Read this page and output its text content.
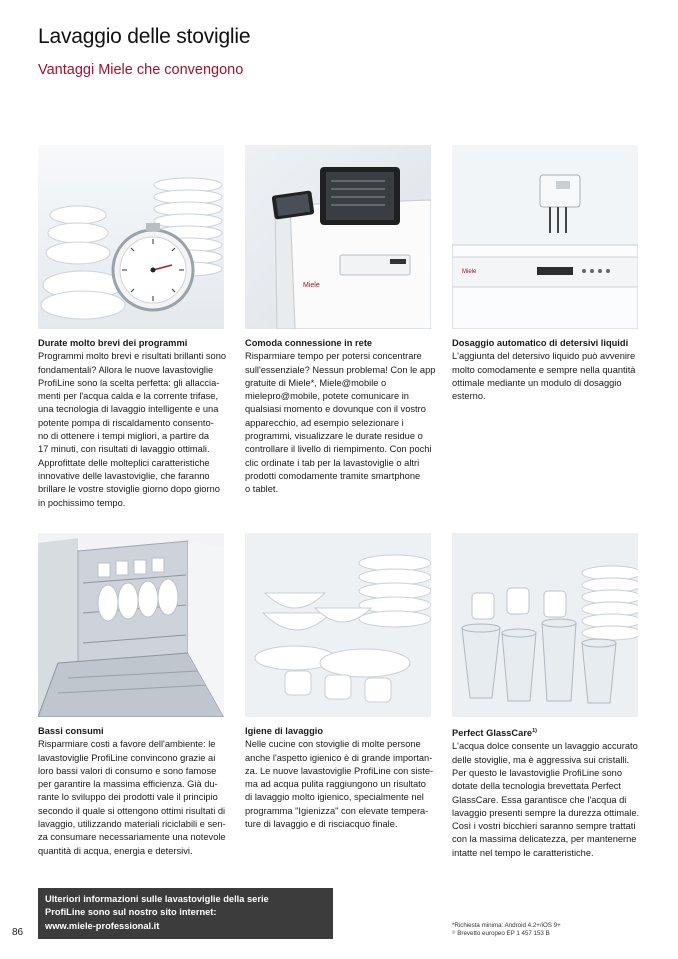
Lavaggio delle stoviglie
Vantaggi Miele che convengono
Miele
Miele
Durate molto brevi dei programmi

Programmi molto brevi e risultati brillanti sono
fondamentali? Allora le nuove lavastoviglie
ProfiLine sono la scelta perfetta: gli allaccia-
menti per l'acqua calda e la corrente trifase,
una tecnologia di lavaggio intelligente e una
potente pompa di riscaldamento consento-
no di ottenere i tempi migliori, a partire da
17 minuti, con risultati di lavaggio ottimali.
Approfittate delle molteplici caratteristiche
innovative delle lavastoviglie, che faranno
brillare le vostre stoviglie giorno dopo giorno
in pochissimo tempo.

Comoda connessione in rete

Risparmiare tempo per potersi concentrare
sull'essenziale? Nessun problema! Con le app
gratuite di Miele*, Miele@mobile o
mielepro@mobile, potete comunicare in
qualsiasi momento e dovunque con il vostro
apparecchio, ad esempio selezionare i
programmi, visualizzare le durate residue o
controllare il livello di riempimento. Con pochi
clic ordinate i tab per la lavastoviglie o altri
prodotti comodamente tramite smartphone
o tablet.

Dosaggio automatico di detersivi liquidi

L'aggiunta del detersivo liquido può avvenire
molto comodamente e sempre nella quantità
ottimale mediante un modulo di dosaggio
esterno.

Bassi consumi

Risparmiare costi a favore dell'ambiente: le
lavastoviglie ProfiLine convincono grazie ai
loro bassi valori di consumo e sono famose
per garantire la massima efficienza. Già du-
rante lo sviluppo dei prodotti vale il principio
secondo il quale si ottengono ottimi risultati di
lavaggio, utilizzando materiali riciclabili e sen-
za consumare necessariamente una notevole
quantità di acqua, energia e detersivi.

Igiene di lavaggio

Nelle cucine con stoviglie di molte persone
anche l'aspetto igienico è di grande importan-
za. Le nuove lavastoviglie ProfiLine con siste-
ma ad acqua pulita raggiungono un risultato
di lavaggio molto igienico, specialmente nel
programma "Igienizza" con elevate tempera-
ture di lavaggio e di risciacquo finale.

Perfect GlassCare$^{1)}$

L'acqua dolce consente un lavaggio accurato
delle stoviglie, ma è aggressiva sui cristalli.
Per questo le lavastoviglie ProfiLine sono
dotate della tecnologia brevettata Perfect
GlassCare. Essa garantisce che l'acqua di
lavaggio presenti sempre la durezza ottimale.
Così i vostri bicchieri saranno sempre trattati
con la massima delicatezza, per mantenerne
intatte nel tempo le caratteristiche.

Ulteriori informazioni sulle lavastoviglie della serie
ProfiLine sono sul nostro sito internet:
www.miele-professional.it

86
*Richiesta minima: Android 4.2+/iOS 9+
¹⁾ Brevetto europeo EP 1 457 153 B
